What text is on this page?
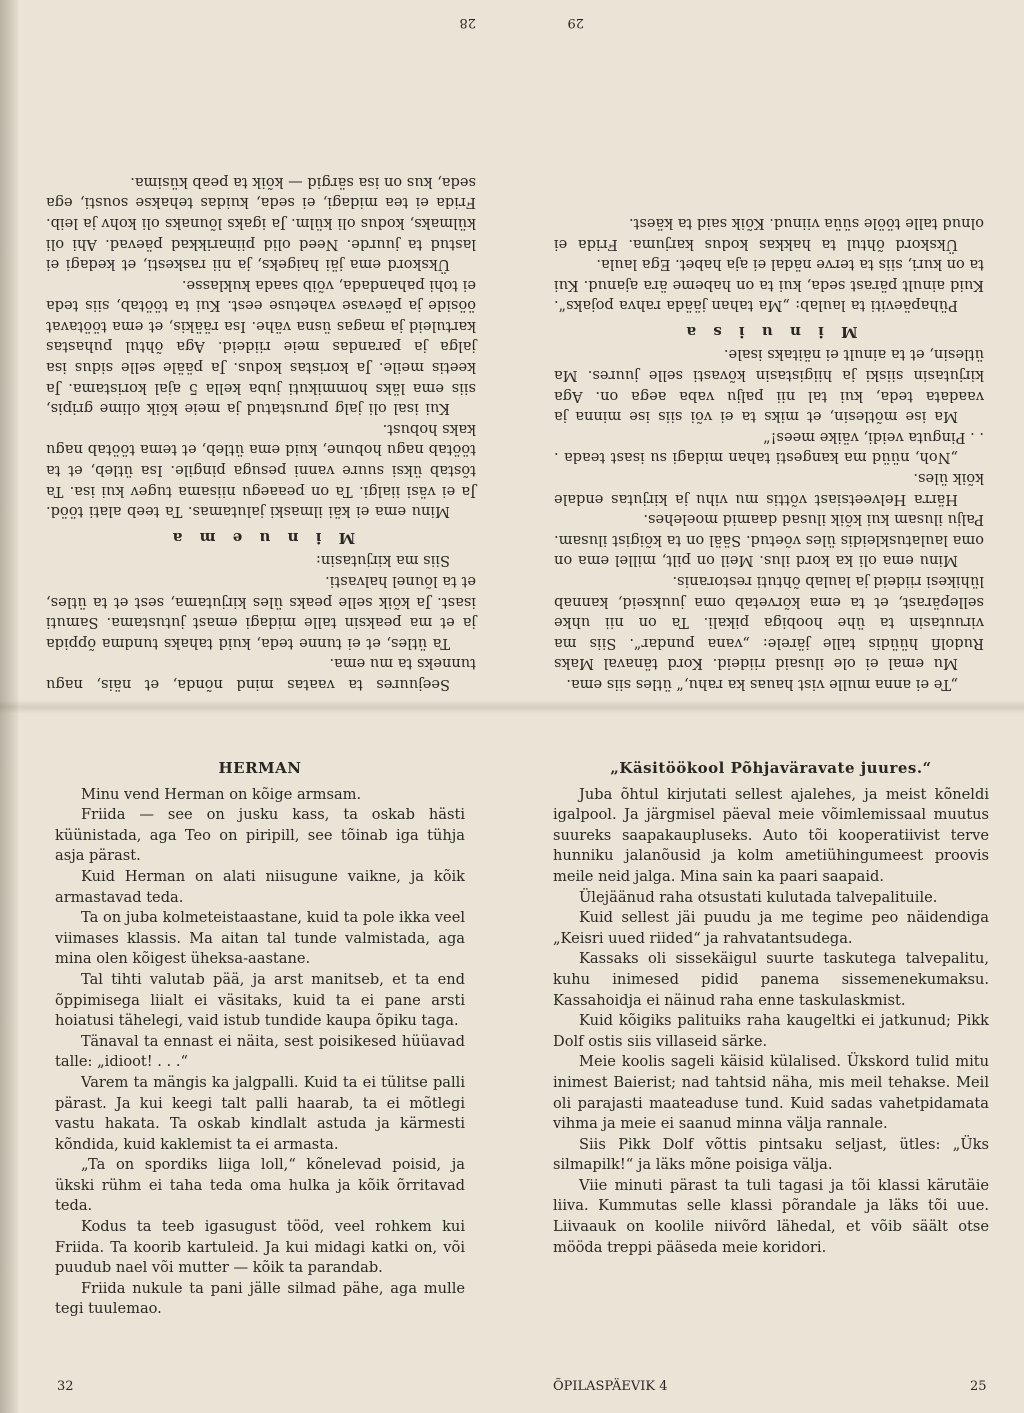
Seejuures ta vaatas mind nõnda, et näis, nagu tunneks ta mu ema.

Ta ütles, et ei tunne teda, kuid tahaks tundma õppida ja et ma peaksin talle midagi emast jutustama. Samuti isast. Ja kõik selle peaks üles kirjutama, sest et ta ütles, et ta lõunel halvasti.

Siis ma kirjutasin:

M i n u e m a

Minu ema ei käi ilmaski jalutamas. Ta teeb alati tööd. Ja ei väsi iialgi. Ta on peaaegu niisama tugev kui isa. Ta tõstab üksi suure vanni pesuga pingile. Isa ütleb, et ta töötab nagu hobune, kuid ema ütleb, et tema töötab nagu kaks hobust.

Kui isal oli jalg purustatud ja meie kõik olime gripis, siis ema läks hommikuti juba kella 5 ajal koristama. Ja keetis meile. Ja koristas kodus. Ja pääle selle sidus isa jalga ja parandas meie riideid. Aga õhtul puhastas kartuleid ja magas üsna vähe. Isa rääkis, et ema töötavat ööside ja päevase vahetuse eest. Kui ta töötab, siis teda ei tohi pahandada, võib saada kuklasse.

Ükskord ema jäi haigeks, ja nii raskesti, et kedagi ei lastud ta juurde. Need olid piinarikkad päevad. Ahi oli külmaks, kodus oli külm. Ja igaks lõunaks oli kohv ja leib. Frida ei tea midagi, ei seda, kuidas tehakse sousti, ega seda, kus on isa särgid — kõik ta peab küsima.

28

„Te ei anna mulle vist hauas ka rahu,“ ütles siis ema.

Mu emal ei ole ilusaid riideid. Kord tänaval Maks Rudolfi hüüdis talle järele: „vana pundar“. Siis ma viruutasin ta ühe hoobiga pikali. Ta on nii uhke sellepärast, et ta ema kõrvetab oma juukseid, kannab lühikesi riideid ja laulab õhtuti restoranis.

Minu ema oli ka kord ilus. Meil on pilt, millel ema on oma laulatuskleidis üles võetud. Sääl on ta kõigist ilusam. Palju ilusam kui kõik ilusad daamid moelehes.

Härra Helveetsiast võttis mu vihu ja kirjutas endale kõik üles.

„Noh, nüüd ma kangesti tahan midagi su isast teada . . . Pinguta veidi, väike mees!“

Ma ise mõtlesin, et miks ta ei või siis ise minna ja vaadata teda, kui tal nii palju vaba aega on. Aga kirjutasin siiski ja hiigistasin kõvasti selle juures. Ma ütlesin, et ta ainult ei näitaks isale.

M i n u i s a

Pühapäeviti ta laulab: „Ma tahan jääda rahva pojaks“. Kuid ainult pärast seda, kui ta on habeme ära ajanud. Kui ta on kuri, siis ta terve nädal ei aja habet. Ega laula.

Ükskord õhtul ta hakkas kodus karjuma. Frida ei olnud talle tööle süüa viinud. Kõik said ta käest.

29
HERMAN

Minu vend Herman on kõige armsam.

Friida — see on jusku kass, ta oskab hästi küünistada, aga Teo on piripill, see tõinab iga tühja asja pärast.

Kuid Herman on alati niisugune vaikne, ja kõik armastavad teda.

Ta on juba kolmeteistaastane, kuid ta pole ikka veel viimases klassis. Ma aitan tal tunde valmistada, aga mina olen kõigest üheksa-aastane.

Tal tihti valutab pää, ja arst manitseb, et ta end õppimisega liialt ei väsitaks, kuid ta ei pane arsti hoiatusi tähelegi, vaid istub tundide kaupa õpiku taga.

Tänaval ta ennast ei näita, sest poisikesed hüüavad talle: „idioot! . . .“

Varem ta mängis ka jalgpalli. Kuid ta ei tülitse palli pärast. Ja kui keegi talt palli haarab, ta ei mõtlegi vastu hakata. Ta oskab kindlalt astuda ja kärmesti kõndida, kuid kaklemist ta ei armasta.

„Ta on spordiks liiga loll,“ kõnelevad poisid, ja ükski rühm ei taha teda oma hulka ja kõik õrritavad teda.

Kodus ta teeb igasugust tööd, veel rohkem kui Friida. Ta koorib kartuleid. Ja kui midagi katki on, või puudub nael või mutter — kõik ta parandab.

Friida nukule ta pani jälle silmad pähe, aga mulle tegi tuulemao.

32
„Käsitöökool Põhjaväravate juures.“

Juba õhtul kirjutati sellest ajalehes, ja meist kõneldi igalpool. Ja järgmisel päeval meie võimlemissaal muutus suureks saapakaupluseks. Auto tõi kooperatiivist terve hunniku jalanõusid ja kolm ametiühingumeest proovis meile neid jalga. Mina sain ka paari saapaid.

Ülejäänud raha otsustati kulutada talvepalituile.

Kuid sellest jäi puudu ja me tegime peo näidendiga „Keisri uued riided“ ja rahvatantsudega.

Kassaks oli sissekäigul suurte taskutega talvepalitu, kuhu inimesed pidid panema sissemenekumaksu. Kassahoidja ei näinud raha enne taskulaskmist.

Kuid kõigiks palituiks raha kaugeltki ei jatkunud; Pikk Dolf ostis siis villaseid särke.

Meie koolis sageli käisid külalised. Ükskord tulid mitu inimest Baierist; nad tahtsid näha, mis meil tehakse. Meil oli parajasti maateaduse tund. Kuid sadas vahetpidamata vihma ja meie ei saanud minna välja rannale.

Siis Pikk Dolf võttis pintsaku seljast, ütles: „Üks silmapilk!“ ja läks mõne poisiga välja.

Viie minuti pärast ta tuli tagasi ja tõi klassi kärutäie liiva. Kummutas selle klassi põrandale ja läks tõi uue. Liivaauk on koolile niivõrd lähedal, et võib säält otse mööda treppi pääseda meie koridori.

ÕPILASPÄEVIK 4	25
